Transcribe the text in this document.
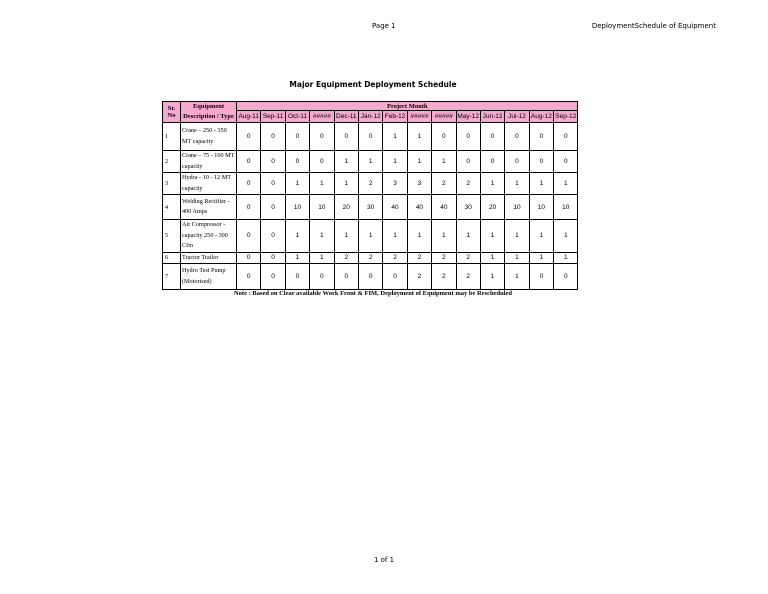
Page 1	DeploymentSchedule of Equipment
Major Equipment Deployment Schedule
Sr. No	Equipment Description / Type	Project Month													
		Aug-11	Sep-11	Oct-11	#####	Dec-11	Jan-12	Feb-12	#####	#####	May-12	Jun-12	Jul-12	Aug-12	Sep-12
1	Crane – 250 - 350 MT capacity	0	0	0	0	0	0	1	1	0	0	0	0	0	0
2	Crane – 75 - 100 MT capacity	0	0	0	0	1	1	1	1	1	0	0	0	0	0
3	Hydra - 10 - 12 MT capacity	0	0	1	1	1	2	3	3	2	2	1	1	1	1
4	Welding Rectifier - 400 Amps	0	0	10	10	20	30	40	40	40	30	20	10	10	10
5	Air Compressor - capacity 250 - 300 Cfm	0	0	1	1	1	1	1	1	1	1	1	1	1	1
6	Tractor Trailor	0	0	1	1	2	2	2	2	2	2	1	1	1	1
7	Hydro Test Pump (Motorised)	0	0	0	0	0	0	0	2	2	2	1	1	0	0
Note : Based on Clear available Work Front & FIM, Deployment of Equipment may be Rescheduled
1 of 1
